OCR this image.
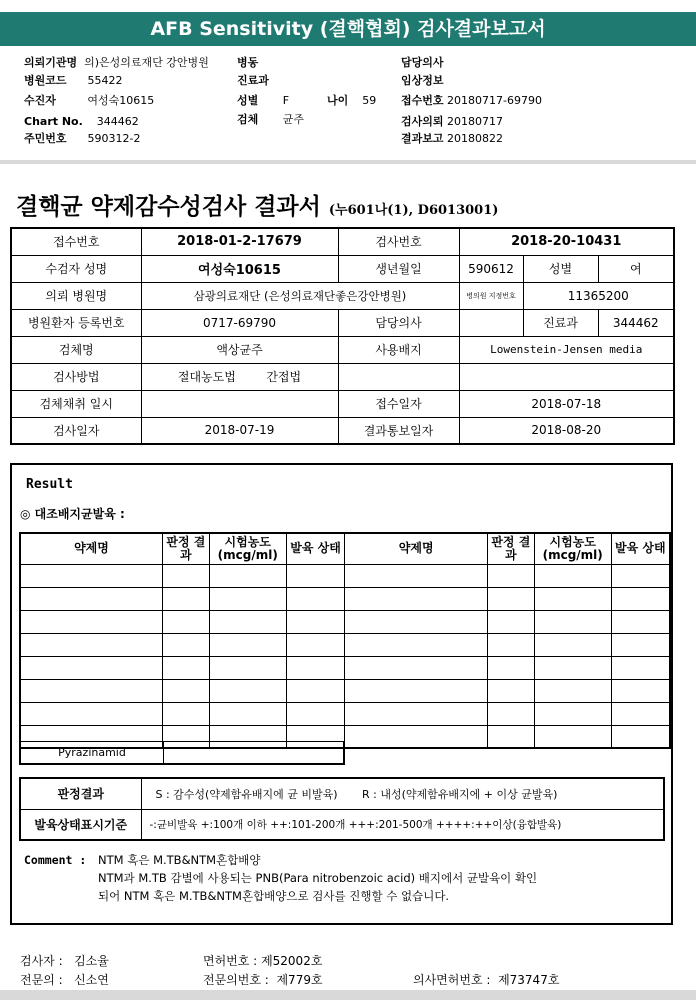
AFB Sensitivity (결핵협회) 검사결과보고서
의뢰기관명 의)은성의료재단 강안병원
병원코드 55422
수진자	여성숙10615
Chart No. 344462
주민번호 590312-2
병동
진료과
성별 F	나이 59
검체 균주
담당의사
임상정보
접수번호 20180717-69790
검사의뢰 20180717
결과보고 20180822
결핵균 약제감수성검사 결과서 (누601나(1), D6013001)
접수번호	2018-01-2-17679	검사번호	2018-20-10431		
수검자 성명	여성숙10615	생년월일	590612	성별	여
의뢰 병원명	삼광의료재단 (은성의료재단좋은강안병원)		병의원 지정번호	11365200	
병원환자 등록번호	0717-69790	담당의사		진료과	344462
검체명	액상균주	사용배지	Lowenstein-Jensen media		
검사방법	절대농도법 간접법				
검체채취 일시		접수일자	2018-07-18		
검사일자	2018-07-19	결과통보일자	2018-08-20		
Result
◎ 대조배지균발육 :
약제명	판정 결과	시험농도 (mcg/ml)	발육 상태	약제명	판정 결과	시험농도 (mcg/ml)	발육 상태

Pyrazinamid
판정결과	S : 감수성(약제함유배지에 균 비발육) R : 내성(약제함유배지에 + 이상 균발육)
발육상태표시기준	-:균비발육 +:100개 이하 ++:101-200개 +++:201-500개 ++++:++이상(융합발육)
Comment : NTM 혹은 M.TB&NTM혼합배양
NTM과 M.TB 감별에 사용되는 PNB(Para nitrobenzoic acid) 배지에서 균발육이 확인
되어 NTM 혹은 M.TB&NTM혼합배양으로 검사를 진행할 수 없습니다.
검사자 : 김소율	면허번호 : 제52002호
전문의 : 신소연	전문의번호 : 제779호	의사면허번호 : 제73747호
